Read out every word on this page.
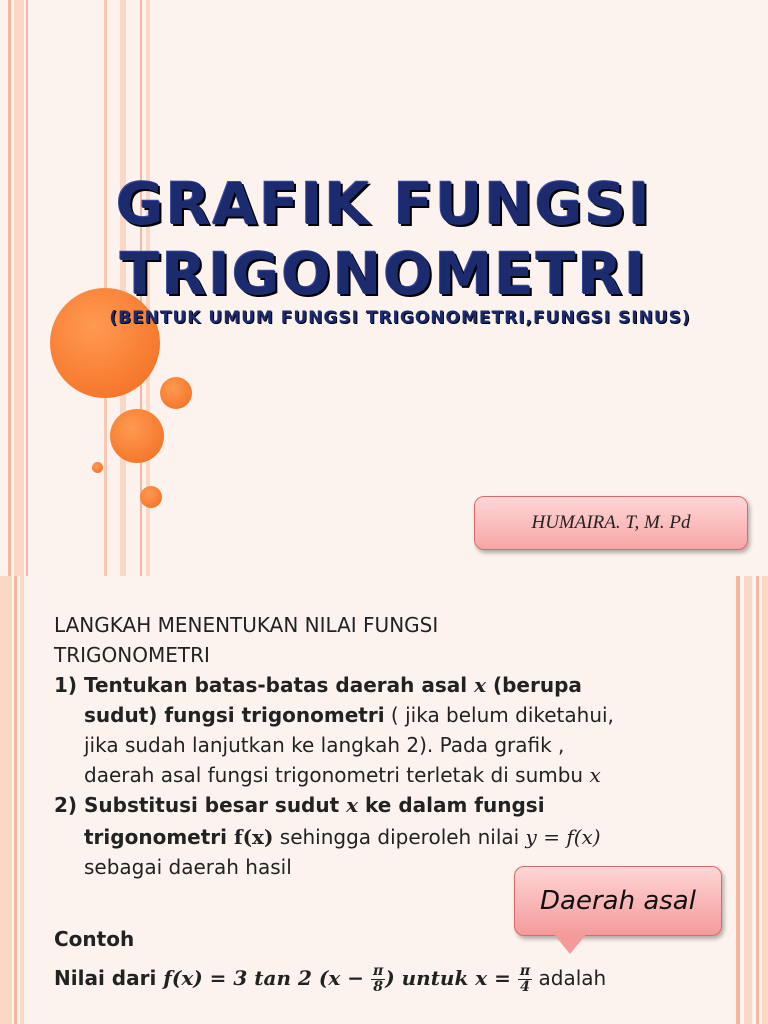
GRAFIK FUNGSI
TRIGONOMETRI
(BENTUK UMUM FUNGSI TRIGONOMETRI,FUNGSI SINUS)
HUMAIRA. T, M. Pd
LANGKAH MENENTUKAN NILAI FUNGSI
TRIGONOMETRI
1) Tentukan batas-batas daerah asal x (berupa
sudut) fungsi trigonometri ( jika belum diketahui,
jika sudah lanjutkan ke langkah 2). Pada grafik ,
daerah asal fungsi trigonometri terletak di sumbu x
2) Substitusi besar sudut x ke dalam fungsi
trigonometri f(x) sehingga diperoleh nilai y = f(x)
sebagai daerah hasil
Contoh
Nilai dari f(x) = 3 tan 2 ($x - \frac{\pi}{8}$ ) untuk $x = \frac{\pi}{4}$ adalah
Daerah asal
